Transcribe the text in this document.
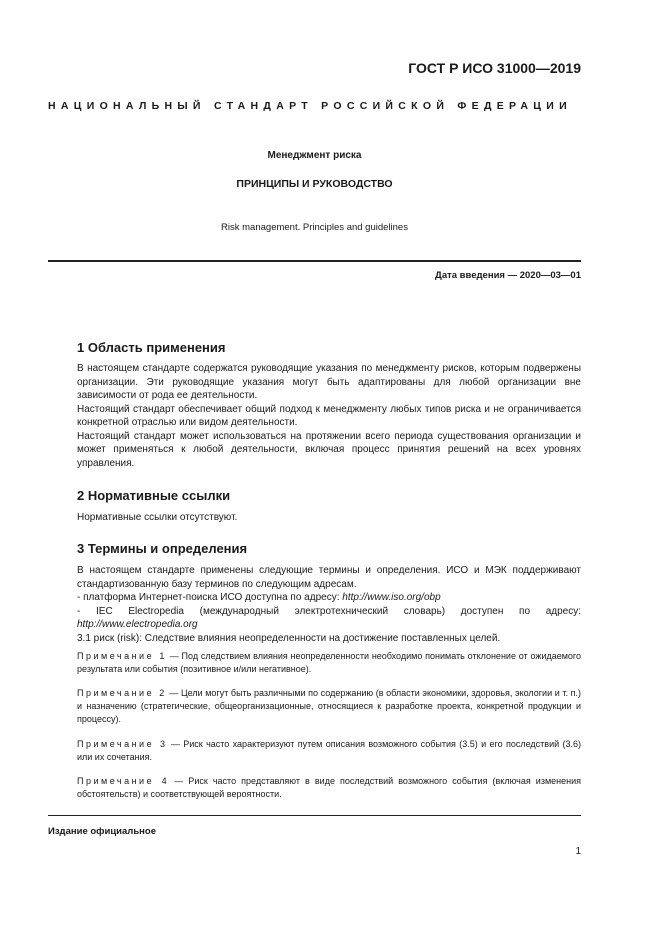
ГОСТ Р ИСО 31000—2019
НАЦИОНАЛЬНЫЙ СТАНДАРТ РОССИЙСКОЙ ФЕДЕРАЦИИ
Менеджмент риска
ПРИНЦИПЫ И РУКОВОДСТВО
Risk management. Principles and guidelines
Дата введения — 2020—03—01
1 Область применения

В настоящем стандарте содержатся руководящие указания по менеджменту рисков, которым подвержены организации. Эти руководящие указания могут быть адаптированы для любой организации вне зависимости от рода ее деятельности.

Настоящий стандарт обеспечивает общий подход к менеджменту любых типов риска и не ограничивается конкретной отраслью или видом деятельности.

Настоящий стандарт может использоваться на протяжении всего периода существования организации и может применяться к любой деятельности, включая процесс принятия решений на всех уровнях управления.

2 Нормативные ссылки

Нормативные ссылки отсутствуют.

3 Термины и определения

В настоящем стандарте применены следующие термины и определения. ИСО и МЭК поддерживают стандартизованную базу терминов по следующим адресам.

- платформа Интернет-поиска ИСО доступна по адресу: http://www.iso.org/obp

- IEC Electropedia (международный электротехнический словарь) доступен по адресу: http://www.electropedia.org

3.1 риск (risk): Следствие влияния неопределенности на достижение поставленных целей.

Примечание 1 — Под следствием влияния неопределенности необходимо понимать отклонение от ожидаемого результата или события (позитивное и/или негативное).
Примечание 2 — Цели могут быть различными по содержанию (в области экономики, здоровья, экологии и т. п.) и назначению (стратегические, общеорганизационные, относящиеся к разработке проекта, конкретной продукции и процессу).
Примечание 3 — Риск часто характеризуют путем описания возможного события (3.5) и его последствий (3.6) или их сочетания.
Примечание 4 — Риск часто представляют в виде последствий возможного события (включая изменения обстоятельств) и соответствующей вероятности.
Издание официальное
1
